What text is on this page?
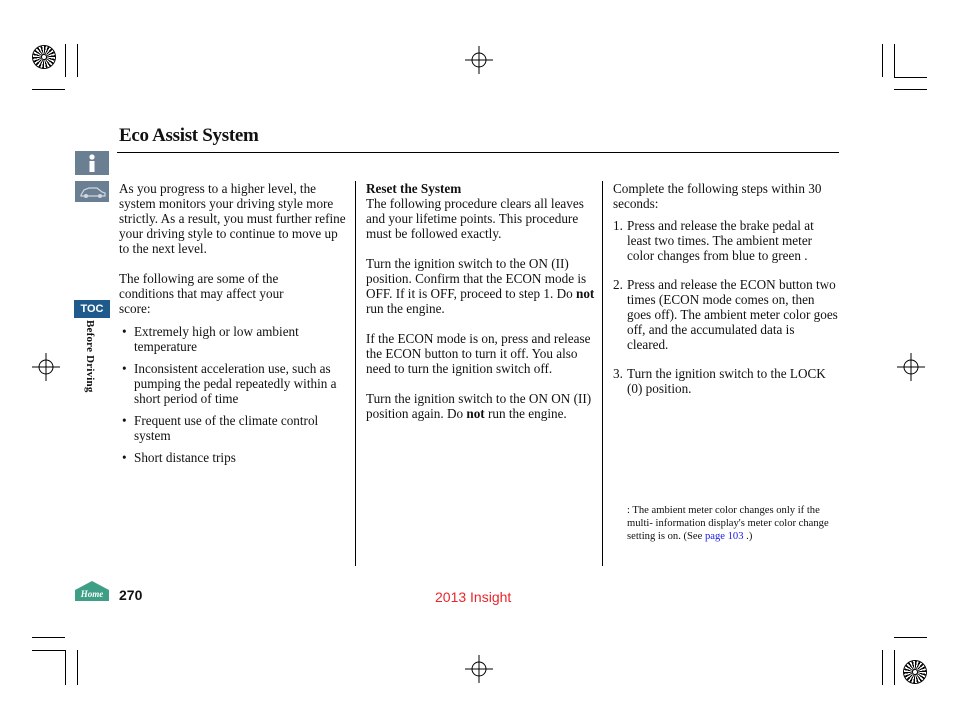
TOC
Before Driving
Eco Assist System

As you progress to a higher level, the system monitors your driving style more strictly. As a result, you must further refine your driving style to continue to move up to the next level.

The following are some of the conditions that may affect your score:

• Extremely high or low ambient temperature
• Inconsistent acceleration use, such as pumping the pedal repeatedly within a short period of time
• Frequent use of the climate control system
• Short distance trips

Reset the System

The following procedure clears all leaves and your lifetime points. This procedure must be followed exactly.

Turn the ignition switch to the ON (II) position. Confirm that the ECON mode is OFF. If it is OFF, proceed to step 1. Do not run the engine.

If the ECON mode is on, press and release the ECON button to turn it off. You also need to turn the ignition switch off.

Turn the ignition switch to the ON ON (II) position again. Do not run the engine.

Complete the following steps within 30 seconds:

1. Press and release the brake pedal at least two times. The ambient meter color changes from blue to green .
2. Press and release the ECON button two times (ECON mode comes on, then goes off). The ambient meter color goes off, and the accumulated data is cleared.
3. Turn the ignition switch to the LOCK (0) position.
: The ambient meter color changes only if the multi- information display's meter color change setting is on. (See page 103 .)
Home 270	2013 Insight
